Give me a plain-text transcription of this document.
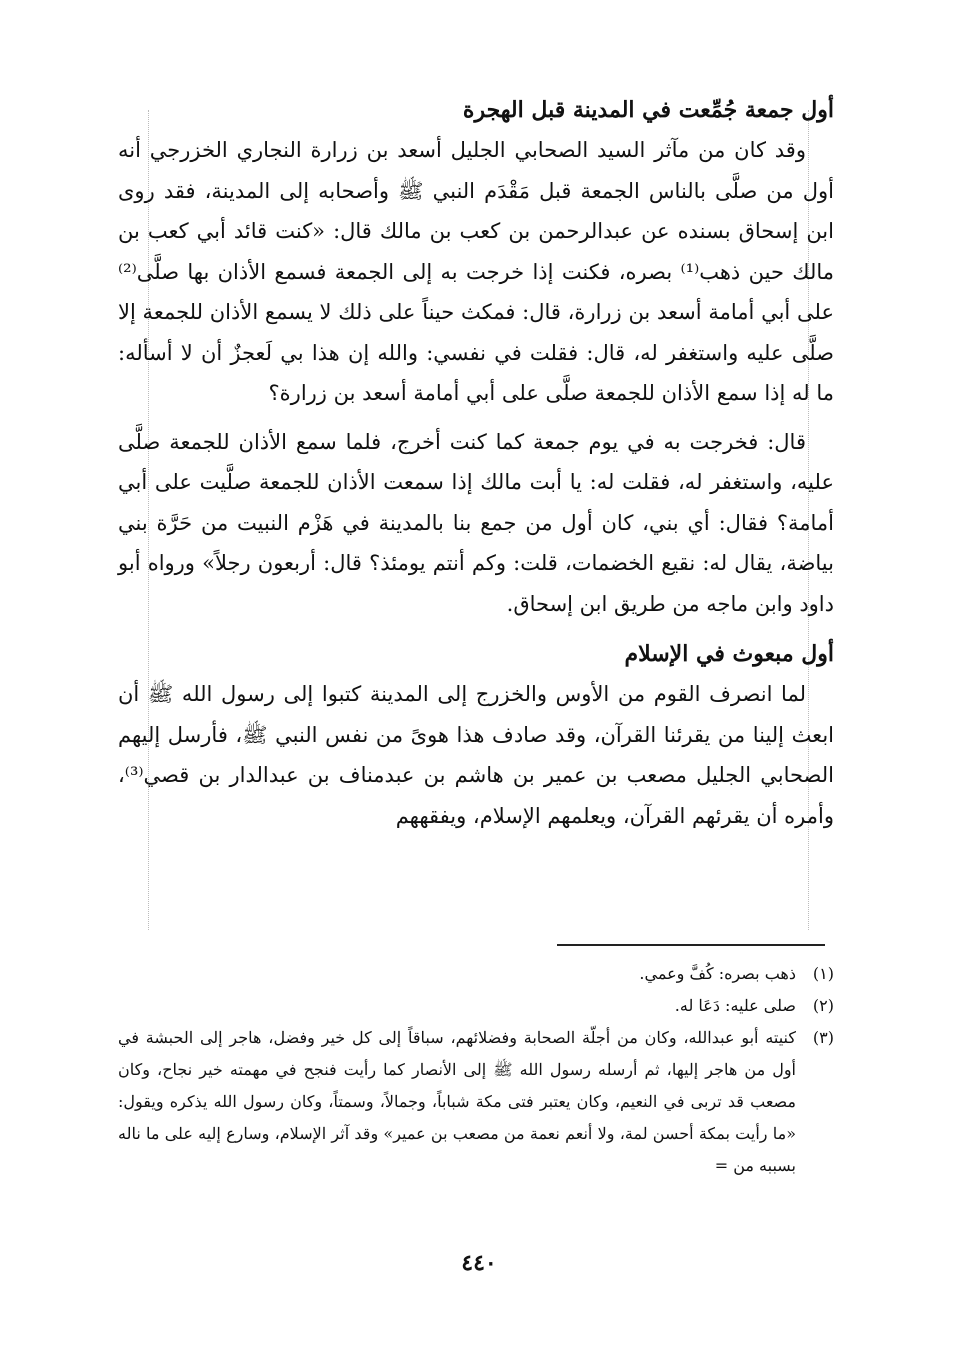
أول جمعة جُمِّعت في المدينة قبل الهجرة

وقد كان من مآثر السيد الصحابي الجليل أسعد بن زرارة النجاري الخزرجي أنه أول من صلَّى بالناس الجمعة قبل مَقْدَم النبي ﷺ وأصحابه إلى المدينة، فقد روى ابن إسحاق بسنده عن عبدالرحمن بن كعب بن مالك قال: «كنت قائد أبي كعب بن مالك حين ذهب⁽¹⁾ بصره، فكنت إذا خرجت به إلى الجمعة فسمع الأذان بها صلَّى⁽²⁾ على أبي أمامة أسعد بن زرارة، قال: فمكث حيناً على ذلك لا يسمع الأذان للجمعة إلا صلَّى عليه واستغفر له، قال: فقلت في نفسي: والله إن هذا بي لَعجزٌ أن لا أسأله: ما له إذا سمع الأذان للجمعة صلَّى على أبي أمامة أسعد بن زرارة؟

قال: فخرجت به في يوم جمعة كما كنت أخرج، فلما سمع الأذان للجمعة صلَّى عليه، واستغفر له، فقلت له: يا أبت مالك إذا سمعت الأذان للجمعة صلَّيت على أبي أمامة؟ فقال: أي بني، كان أول من جمع بنا بالمدينة في هَزْم النبيت من حَرَّة بني بياضة، يقال له: نقيع الخضمات، قلت: وكم أنتم يومئذ؟ قال: أربعون رجلاً» ورواه أبو داود وابن ماجه من طريق ابن إسحاق.

أول مبعوث في الإسلام

لما انصرف القوم من الأوس والخزرج إلى المدينة كتبوا إلى رسول الله ﷺ أن ابعث إلينا من يقرئنا القرآن، وقد صادف هذا هوىً من نفس النبي ﷺ، فأرسل إليهم الصحابي الجليل مصعب بن عمير بن هاشم بن عبدمناف بن عبدالدار بن قصي⁽³⁾، وأمره أن يقرئهم القرآن، ويعلمهم الإسلام، ويفقههم

(١)
ذهب بصره: كُفَّ وعمي.

(٢)
صلى عليه: دَعَا له.

(٣)
كنيته أبو عبدالله، وكان من أجلّة الصحابة وفضلائهم، سباقاً إلى كل خير وفضل، هاجر إلى الحبشة في أول من هاجر إليها، ثم أرسله رسول الله ﷺ إلى الأنصار كما رأيت فنجح في مهمته خير نجاح، وكان مصعب قد تربى في النعيم، وكان يعتبر فتى مكة شباباً، وجمالاً، وسمتاً، وكان رسول الله يذكره ويقول: «ما رأيت بمكة أحسن لمة، ولا أنعم نعمة من مصعب بن عمير» وقد آثر الإسلام، وسارع إليه على ما ناله بسببه من =

٤٤٠
